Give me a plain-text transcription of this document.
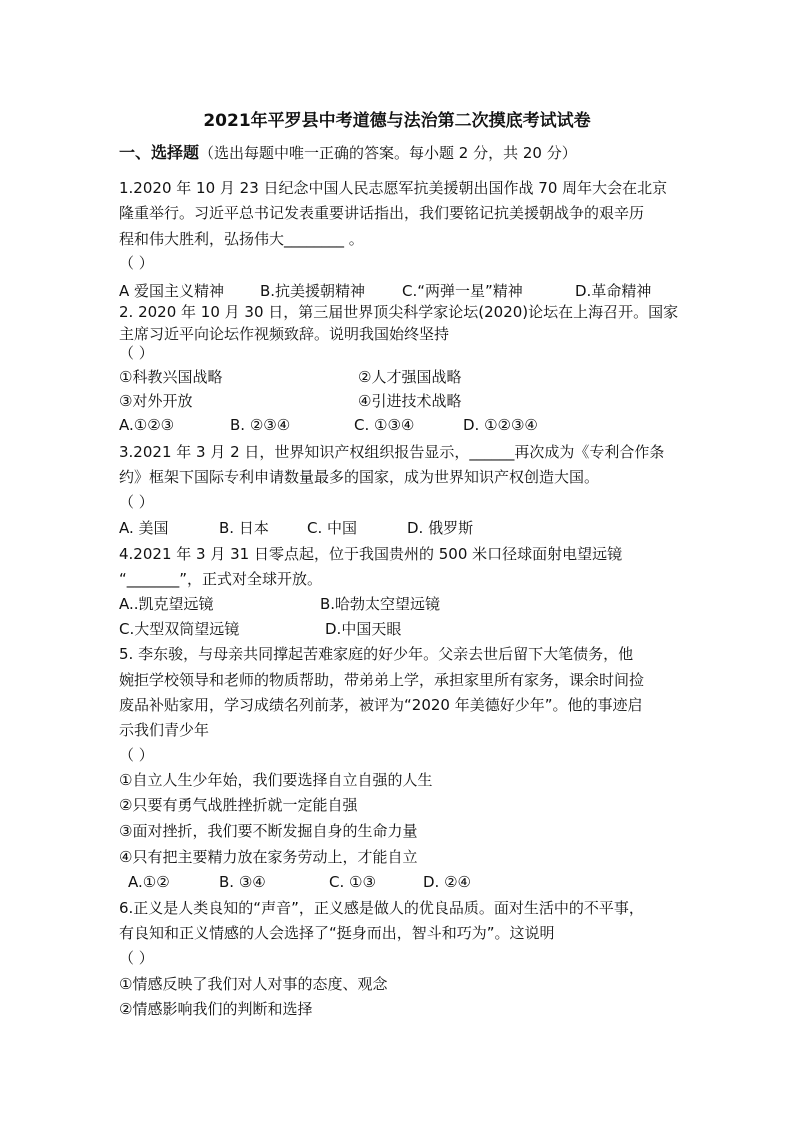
2021年平罗县中考道德与法治第二次摸底考试试卷
一、选择题（选出每题中唯一正确的答案。每小题 2 分，共 20 分）
1.2020 年 10 月 23 日纪念中国人民志愿军抗美援朝出国作战 70 周年大会在北京
隆重举行。习近平总书记发表重要讲话指出，我们要铭记抗美援朝战争的艰辛历
程和伟大胜利，弘扬伟大________ 。
（ ）
A 爱国主义精神 B.抗美援朝精神 C.“两弹一星”精神	D.革命精神
2. 2020 年 10 月 30 日，第三届世界顶尖科学家论坛(2020)论坛在上海召开。国家
主席习近平向论坛作视频致辞。说明我国始终坚持
（ ）
①科教兴国战略	②人才强国战略
③对外开放	④引进技术战略
A.①②③	B. ②③④	C. ①③④	D. ①②③④
3.2021 年 3 月 2 日，世界知识产权组织报告显示，______再次成为《专利合作条
约》框架下国际专利申请数量最多的国家，成为世界知识产权创造大国。
（ ）
A. 美国	B. 日本	C. 中国	D. 俄罗斯
4.2021 年 3 月 31 日零点起，位于我国贵州的 500 米口径球面射电望远镜
“_______”，正式对全球开放。
A..凯克望远镜	B.哈勃太空望远镜
C.大型双筒望远镜	D.中国天眼
5. 李东骏，与母亲共同撑起苦难家庭的好少年。父亲去世后留下大笔债务，他
婉拒学校领导和老师的物质帮助，带弟弟上学，承担家里所有家务，课余时间捡
废品补贴家用，学习成绩名列前茅，被评为“2020 年美德好少年”。他的事迹启
示我们青少年
（ ）
①自立人生少年始，我们要选择自立自强的人生
②只要有勇气战胜挫折就一定能自强
③面对挫折，我们要不断发掘自身的生命力量
④只有把主要精力放在家务劳动上，才能自立
A.①②	B. ③④	C. ①③	D. ②④
6.正义是人类良知的“声音”，正义感是做人的优良品质。面对生活中的不平事，
有良知和正义情感的人会选择了“挺身而出，智斗和巧为”。这说明
（ ）
①情感反映了我们对人对事的态度、观念
②情感影响我们的判断和选择
